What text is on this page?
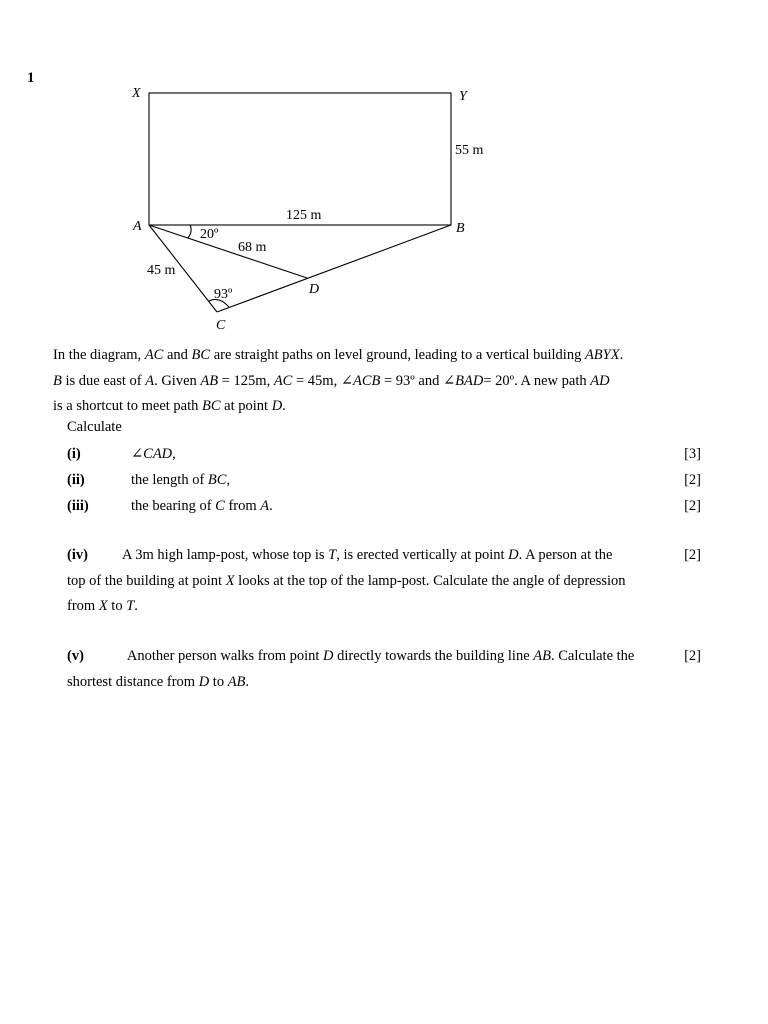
1
X	Y
A	B
C
D
55 m
125 m
68 m
45 m
20º
93º
In the diagram, AC and BC are straight paths on level ground, leading to a vertical building ABYX.
B is due east of A. Given AB = 125m, AC = 45m, ∠ACB = 93º and ∠BAD= 20º. A new path AD
is a shortcut to meet path BC at point D.
Calculate
(i)	∠CAD,	[3]
(ii)	the length of BC,	[2]
(iii)	the bearing of C from A.	[2]
(iv) A 3m high lamp-post, whose top is T, is erected vertically at point D. A person at the	[2]
top of the building at point X looks at the top of the lamp-post. Calculate the angle of depression
from X to T.
(v)	Another person walks from point D directly towards the building line AB. Calculate the	[2]
shortest distance from D to AB.
